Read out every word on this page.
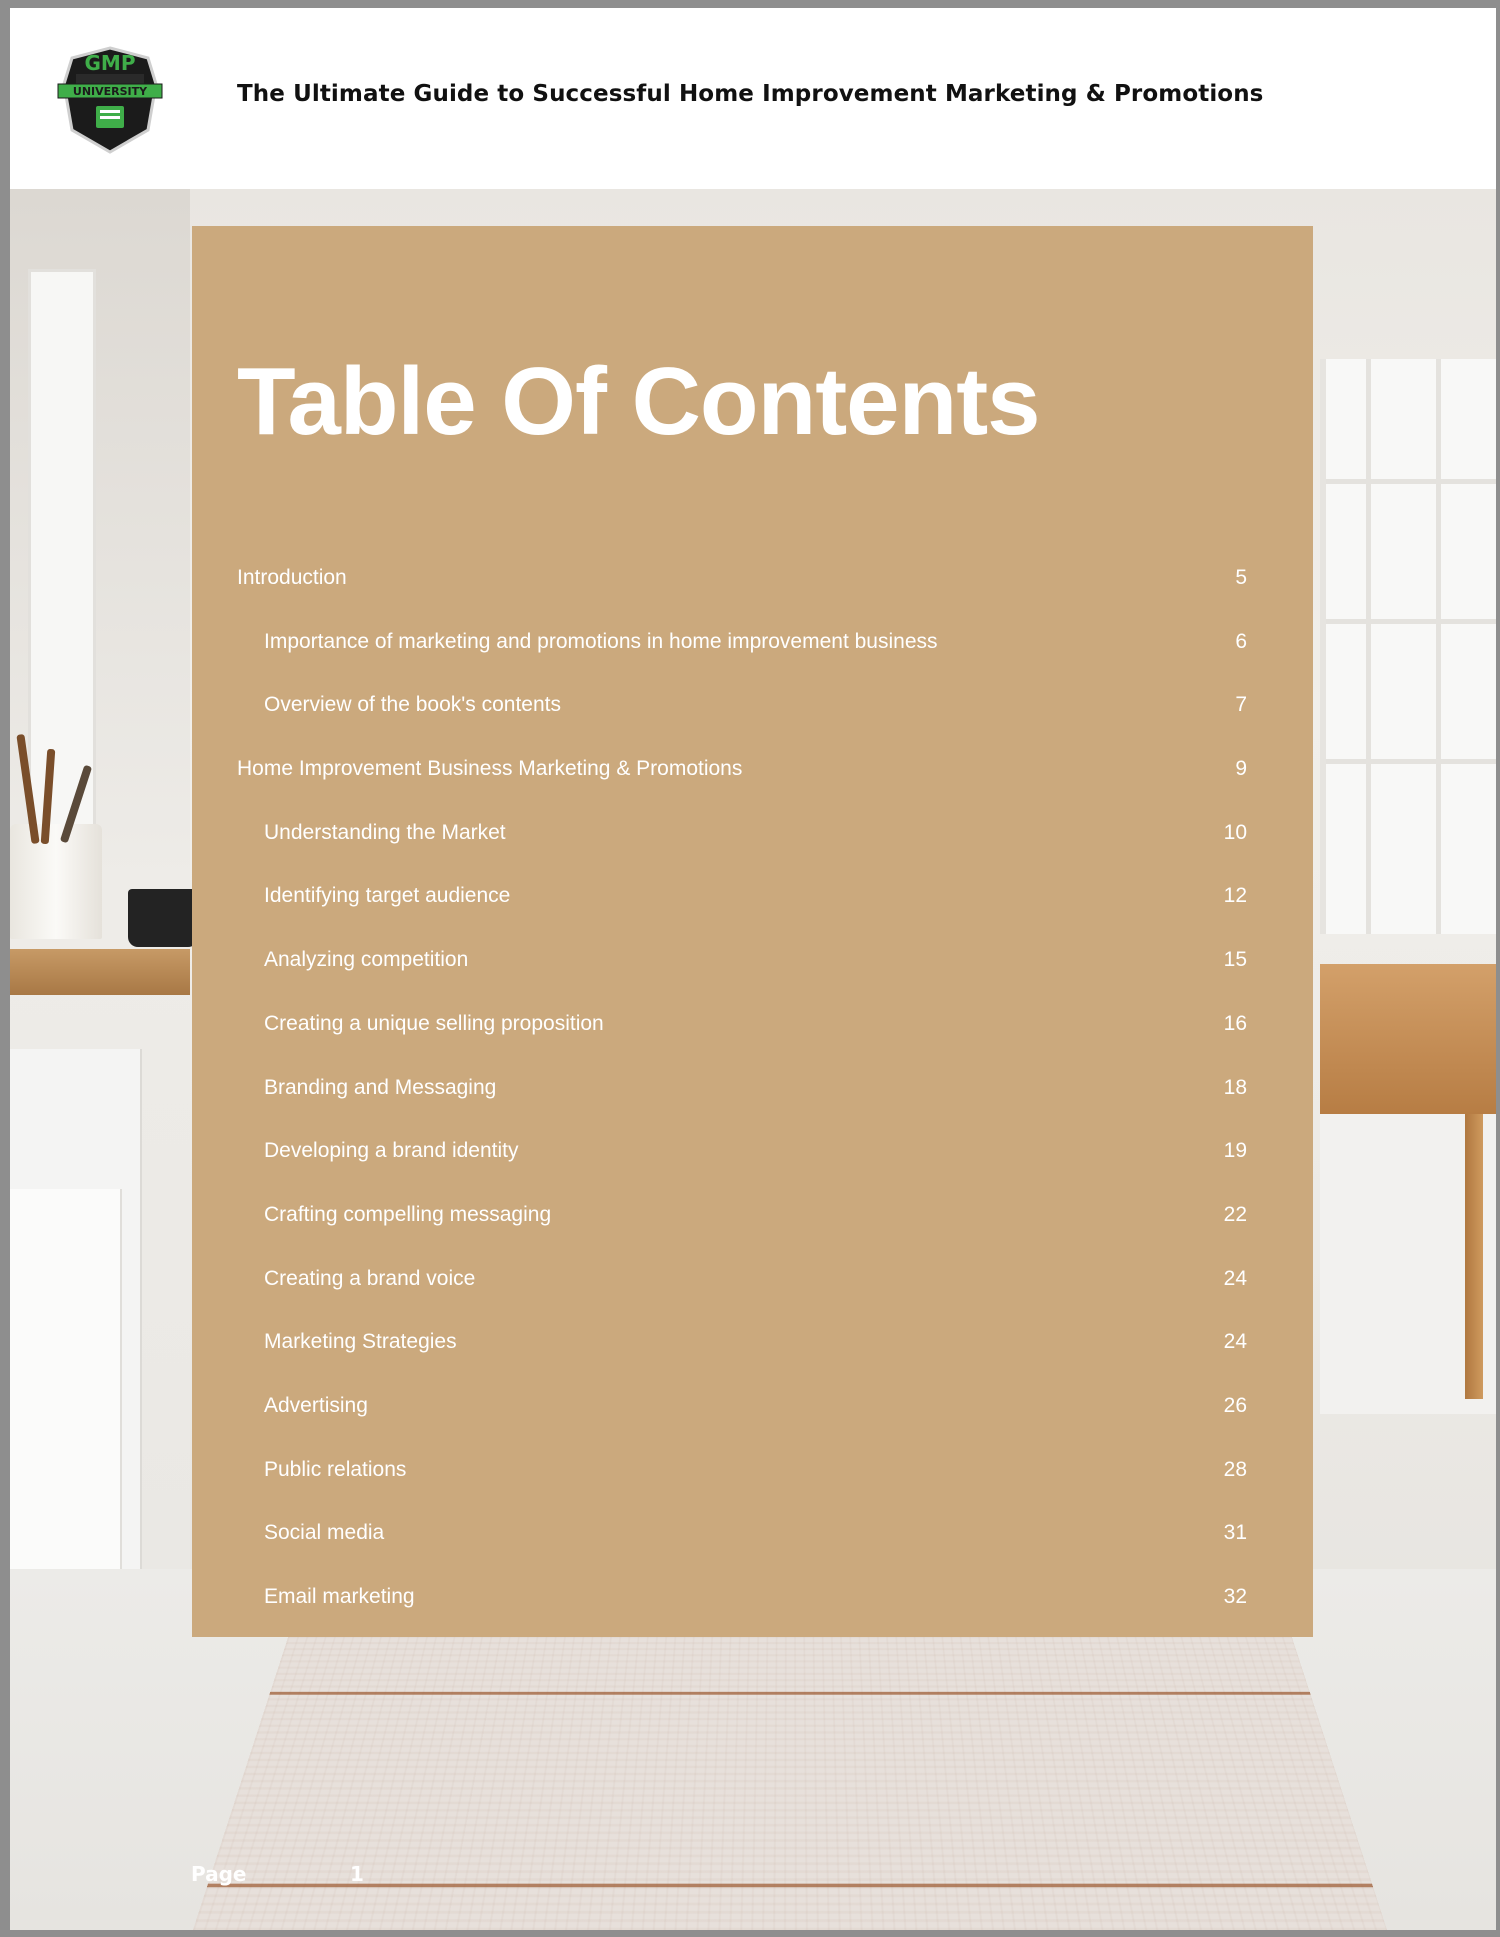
GMP
UNIVERSITY	The Ultimate Guide to Successful Home Improvement Marketing & Promotions
Table Of Contents
Introduction	5
Importance of marketing and promotions in home improvement business	6
Overview of the book's contents	7
Home Improvement Business Marketing & Promotions	9
Understanding the Market	10
Identifying target audience	12
Analyzing competition	15
Creating a unique selling proposition	16
Branding and Messaging	18
Developing a brand identity	19
Crafting compelling messaging	22
Creating a brand voice	24
Marketing Strategies	24
Advertising	26
Public relations	28
Social media	31
Email marketing	32
Page	1
